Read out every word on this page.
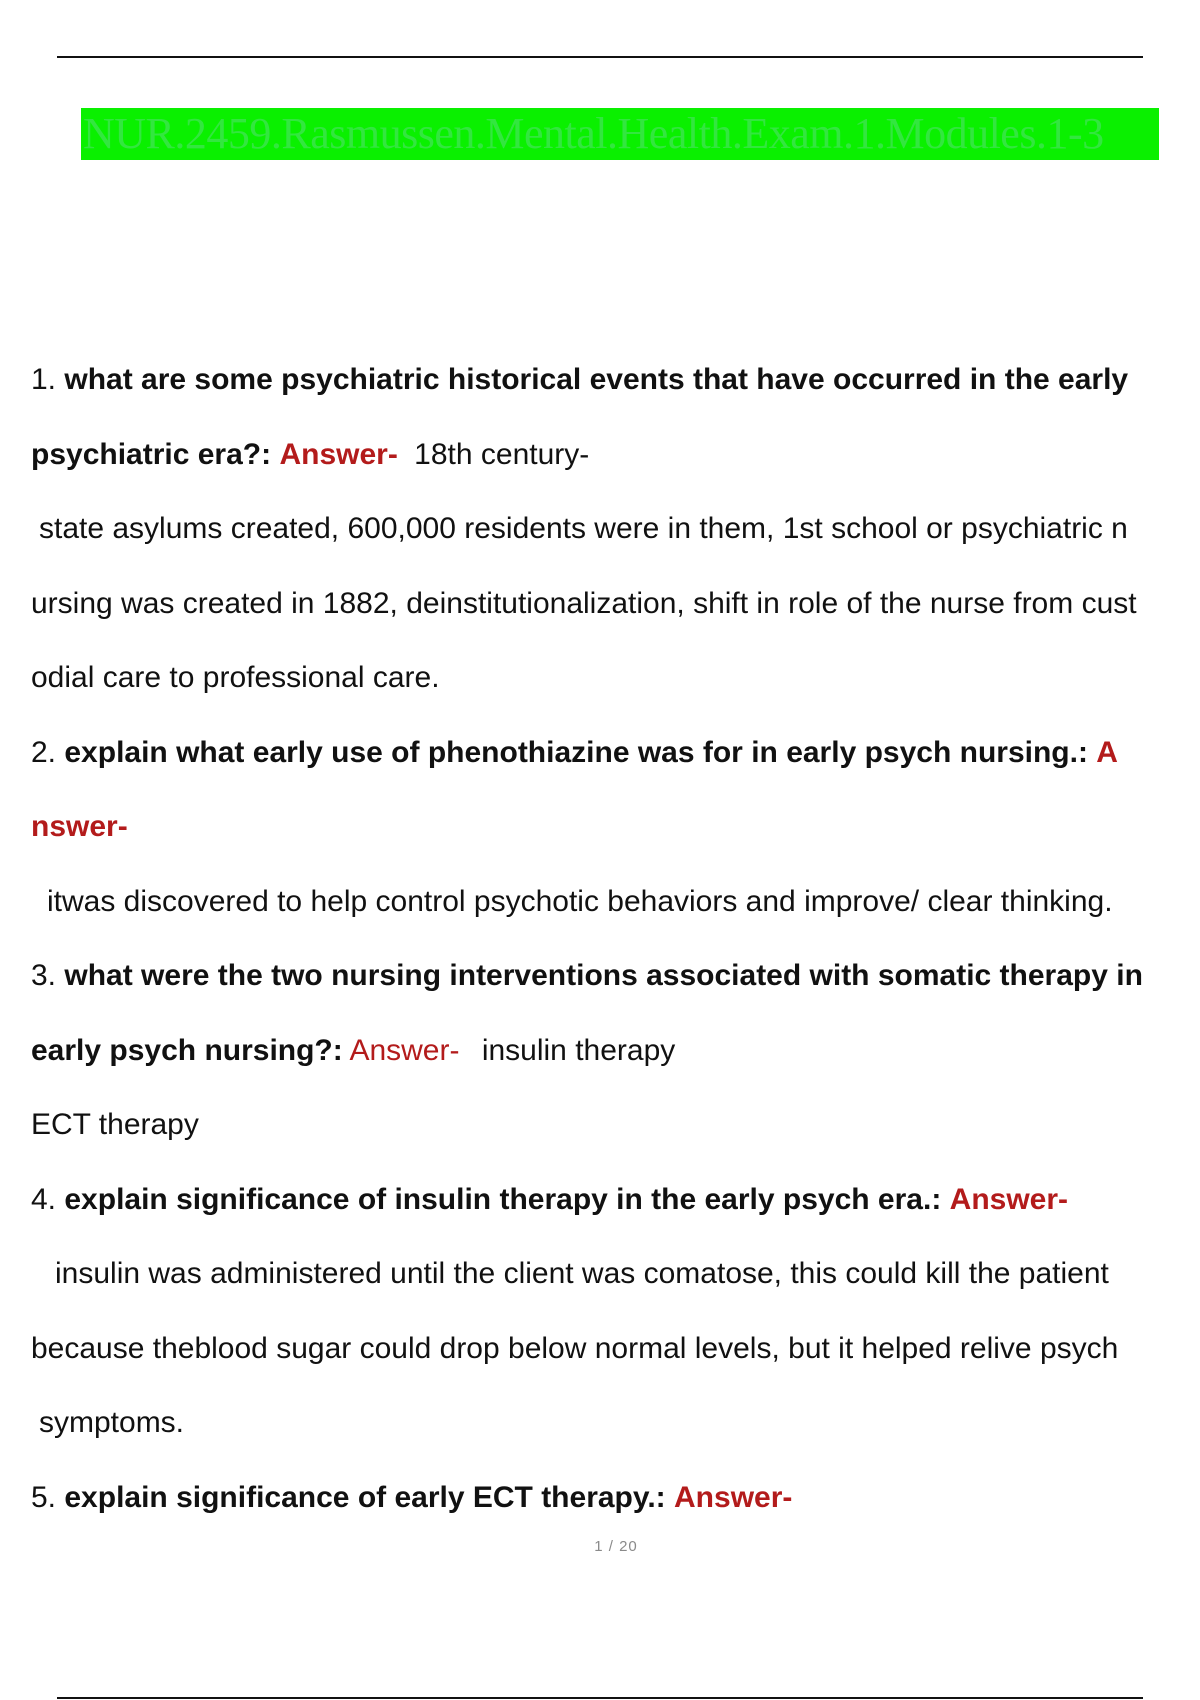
NUR.2459.Rasmussen.Mental.Health.Exam.1.Modules.1-3
1. what are some psychiatric historical events that have occurred in the early
psychiatric era?: Answer- 18th century-
state asylums created, 600,000 residents were in them, 1st school or psychiatric n
ursing was created in 1882, deinstitutionalization, shift in role of the nurse from cust
odial care to professional care.
2. explain what early use of phenothiazine was for in early psych nursing.: A
nswer-
itwas discovered to help control psychotic behaviors and improve/ clear thinking.
3. what were the two nursing interventions associated with somatic therapy in
early psych nursing?: Answer- insulin therapy
ECT therapy
4. explain significance of insulin therapy in the early psych era.: Answer-
insulin was administered until the client was comatose, this could kill the patient
because theblood sugar could drop below normal levels, but it helped relive psych
symptoms.
5. explain significance of early ECT therapy.: Answer-
1 / 20
